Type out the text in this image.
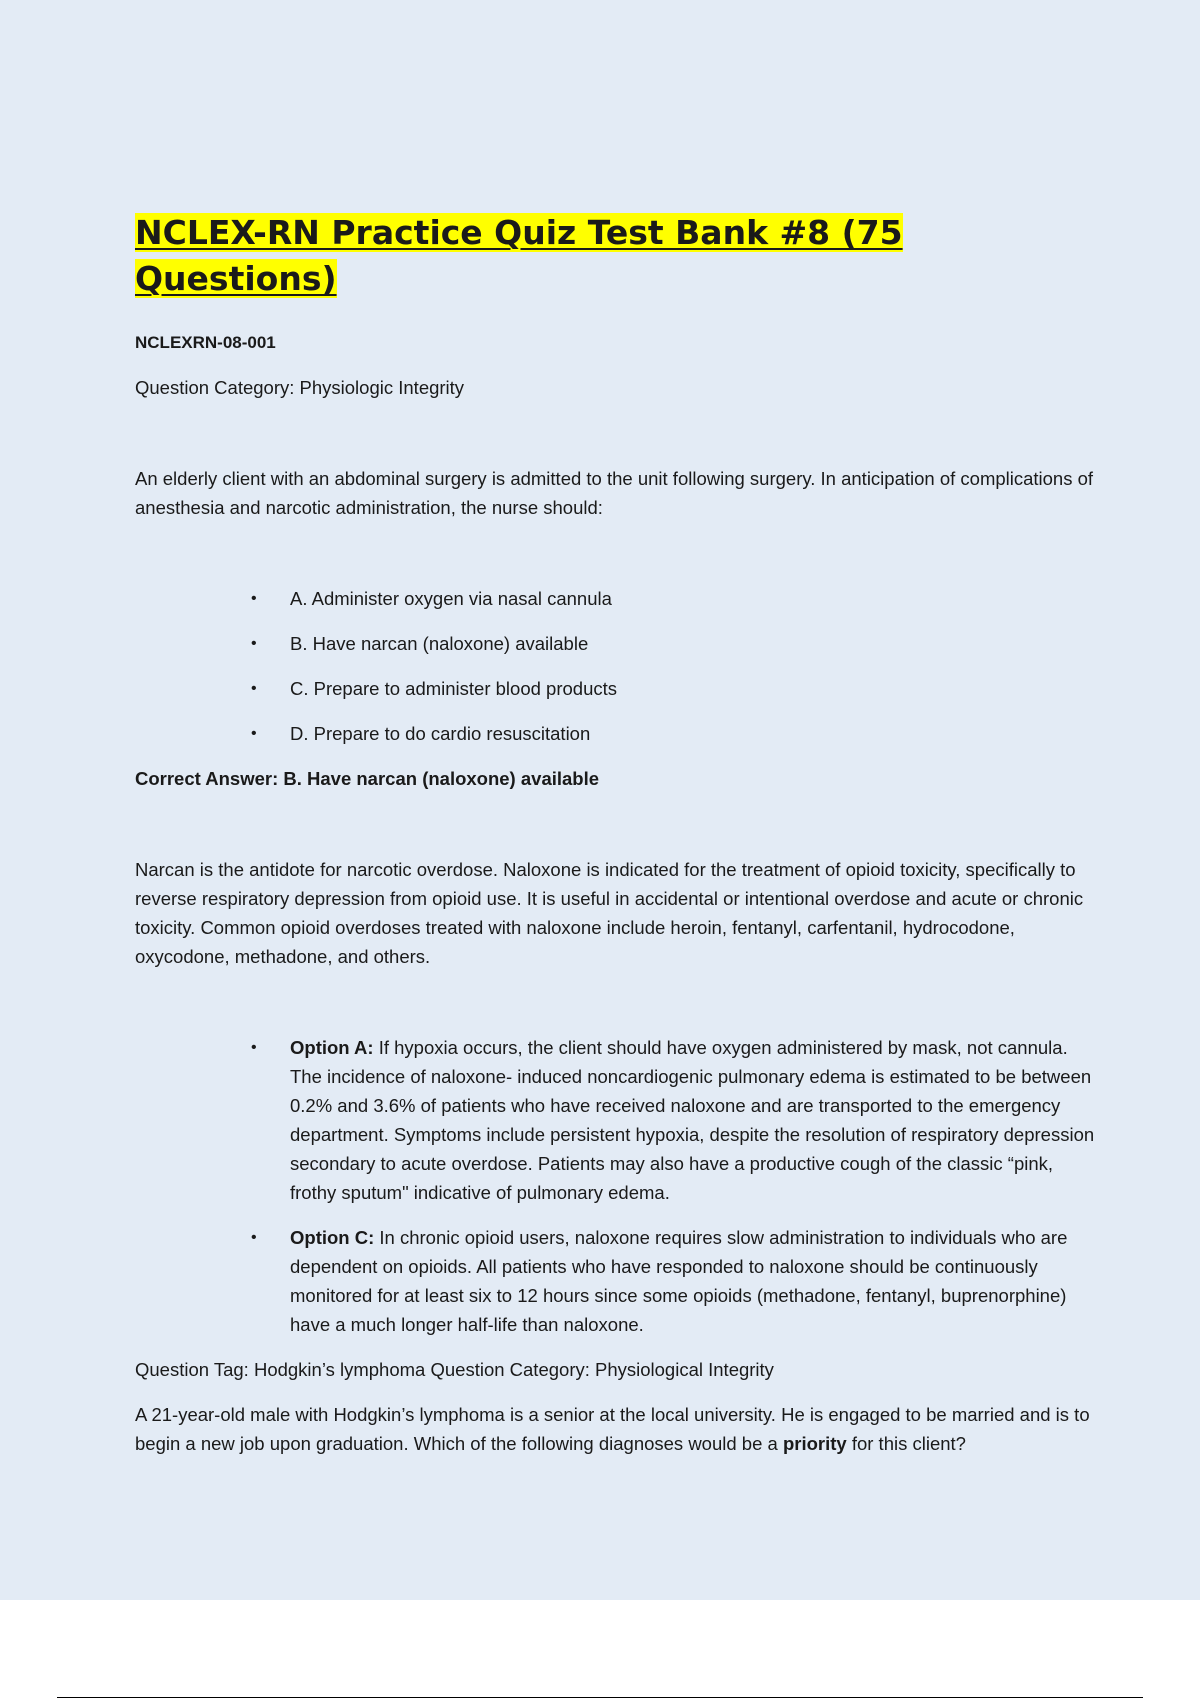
NCLEX-RN Practice Quiz Test Bank #8 (75 Questions)

NCLEXRN-08-001

Question Category: Physiologic Integrity

An elderly client with an abdominal surgery is admitted to the unit following surgery. In anticipation of complications of anesthesia and narcotic administration, the nurse should:

• A. Administer oxygen via nasal cannula
• B. Have narcan (naloxone) available
• C. Prepare to administer blood products
• D. Prepare to do cardio resuscitation

Correct Answer: B. Have narcan (naloxone) available

Narcan is the antidote for narcotic overdose. Naloxone is indicated for the treatment of opioid toxicity, specifically to reverse respiratory depression from opioid use. It is useful in accidental or intentional overdose and acute or chronic toxicity. Common opioid overdoses treated with naloxone include heroin, fentanyl, carfentanil, hydrocodone, oxycodone, methadone, and others.

• Option A: If hypoxia occurs, the client should have oxygen administered by mask, not cannula. The incidence of naloxone- induced noncardiogenic pulmonary edema is estimated to be between 0.2% and 3.6% of patients who have received naloxone and are transported to the emergency department. Symptoms include persistent hypoxia, despite the resolution of respiratory depression secondary to acute overdose. Patients may also have a productive cough of the classic “pink, frothy sputum" indicative of pulmonary edema.
• Option C: In chronic opioid users, naloxone requires slow administration to individuals who are dependent on opioids. All patients who have responded to naloxone should be continuously monitored for at least six to 12 hours since some opioids (methadone, fentanyl, buprenorphine) have a much longer half-life than naloxone.

Question Tag: Hodgkin’s lymphoma Question Category: Physiological Integrity

A 21-year-old male with Hodgkin’s lymphoma is a senior at the local university. He is engaged to be married and is to begin a new job upon graduation. Which of the following diagnoses would be a priority for this client?
